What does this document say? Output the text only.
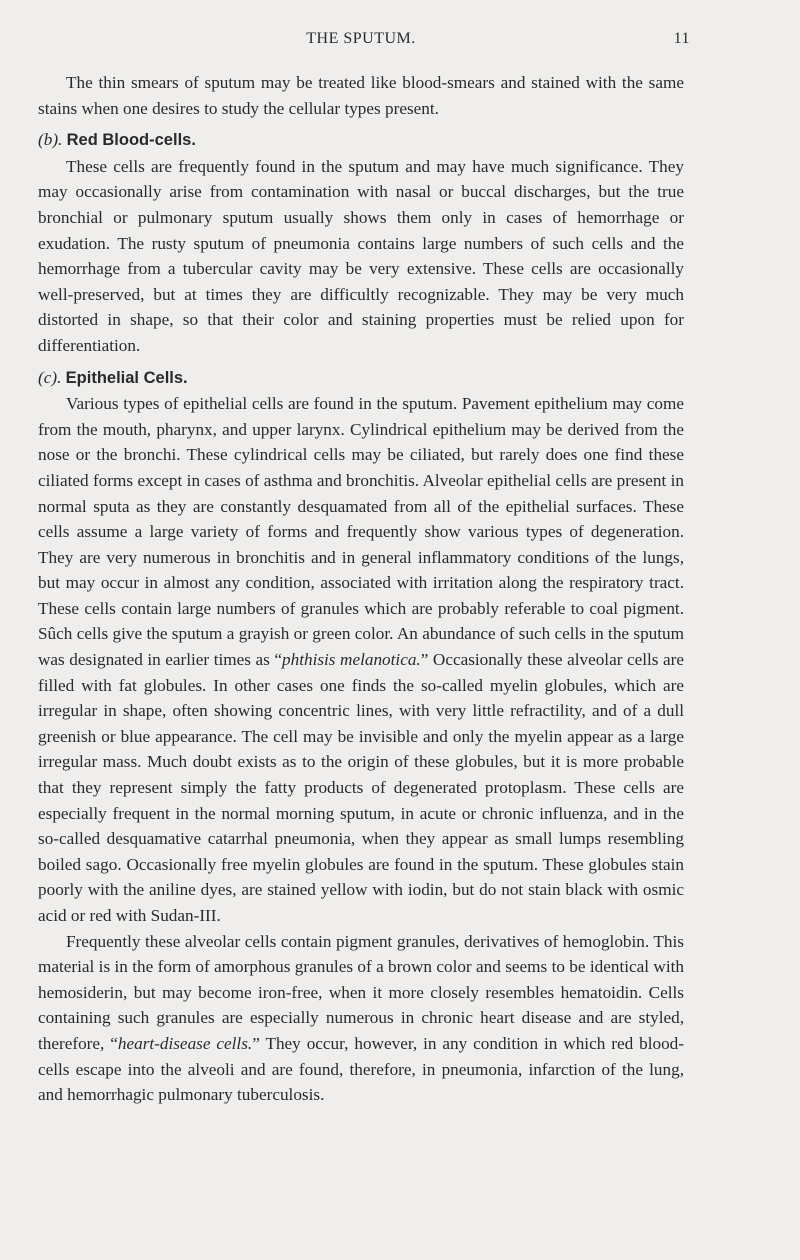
THE SPUTUM.	11

The thin smears of sputum may be treated like blood-smears and stained with the same stains when one desires to study the cellular types present.

(b). Red Blood-cells.

These cells are frequently found in the sputum and may have much significance. They may occasionally arise from contamination with nasal or buccal discharges, but the true bronchial or pulmonary sputum usually shows them only in cases of hemorrhage or exudation. The rusty sputum of pneumonia contains large numbers of such cells and the hemorrhage from a tubercular cavity may be very extensive. These cells are occasionally well-preserved, but at times they are difficultly recognizable. They may be very much distorted in shape, so that their color and staining properties must be relied upon for differentiation.

(c). Epithelial Cells.

Various types of epithelial cells are found in the sputum. Pavement epithelium may come from the mouth, pharynx, and upper larynx. Cylindrical epithelium may be derived from the nose or the bronchi. These cylindrical cells may be ciliated, but rarely does one find these ciliated forms except in cases of asthma and bronchitis. Alveolar epithelial cells are present in normal sputa as they are constantly desquamated from all of the epithelial surfaces. These cells assume a large variety of forms and frequently show various types of degeneration. They are very numerous in bronchitis and in general inflammatory conditions of the lungs, but may occur in almost any condition, associated with irritation along the respiratory tract. These cells contain large numbers of granules which are probably referable to coal pigment. Sûch cells give the sputum a grayish or green color. An abundance of such cells in the sputum was designated in earlier times as “phthisis melanotica.” Occasionally these alveolar cells are filled with fat globules. In other cases one finds the so-called myelin globules, which are irregular in shape, often showing concentric lines, with very little refractility, and of a dull greenish or blue appearance. The cell may be invisible and only the myelin appear as a large irregular mass. Much doubt exists as to the origin of these globules, but it is more probable that they represent simply the fatty products of degenerated protoplasm. These cells are especially frequent in the normal morning sputum, in acute or chronic influenza, and in the so-called desquamative catarrhal pneumonia, when they appear as small lumps resembling boiled sago. Occasionally free myelin globules are found in the sputum. These globules stain poorly with the aniline dyes, are stained yellow with iodin, but do not stain black with osmic acid or red with Sudan-III.

Frequently these alveolar cells contain pigment granules, derivatives of hemoglobin. This material is in the form of amorphous granules of a brown color and seems to be identical with hemosiderin, but may become iron-free, when it more closely resembles hematoidin. Cells containing such granules are especially numerous in chronic heart disease and are styled, therefore, “heart-disease cells.” They occur, however, in any condition in which red blood-cells escape into the alveoli and are found, therefore, in pneumonia, infarction of the lung, and hemorrhagic pulmonary tuberculosis.
